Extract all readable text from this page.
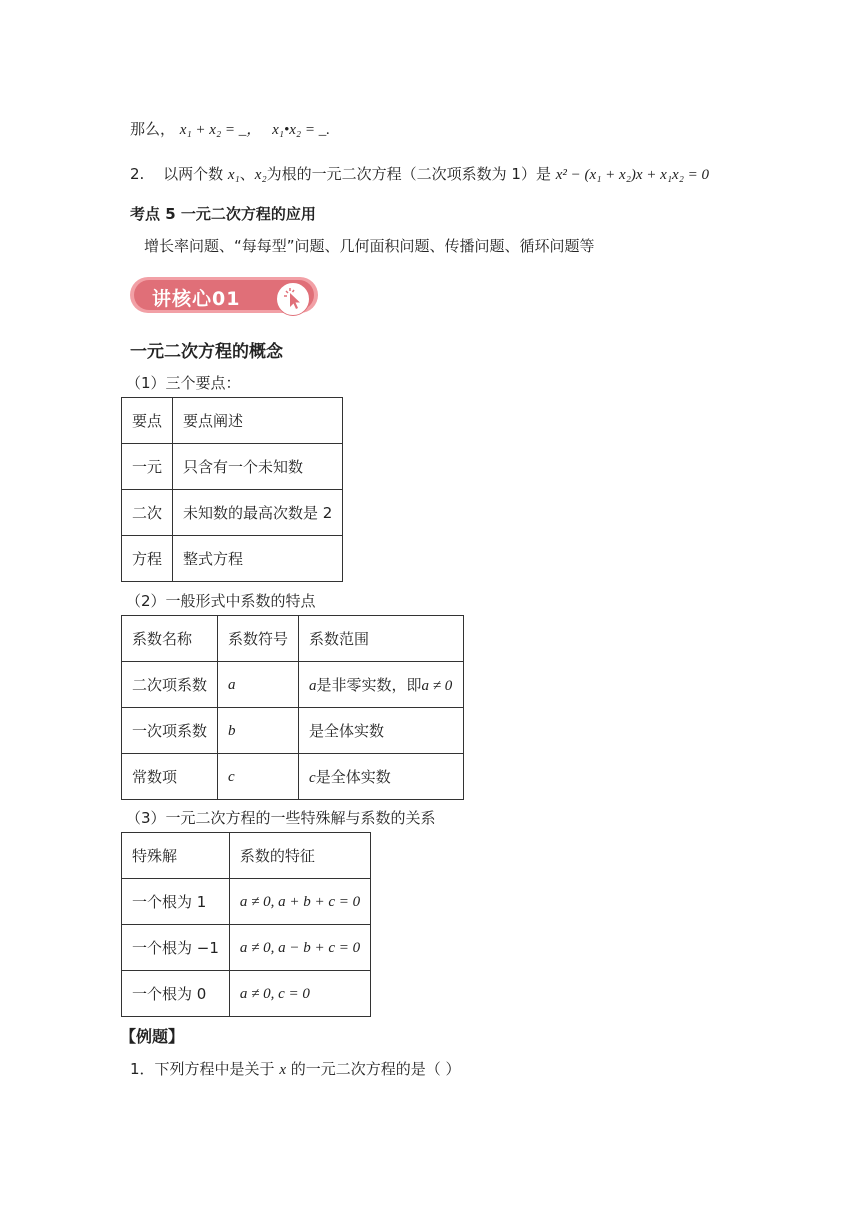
那么， x₁ + x₂ = _， x₁•x₂ = _.
2. 以两个数 x₁、x₂为根的一元二次方程（二次项系数为 1）是 x² − (x₁ + x₂)x + x₁x₂ = 0
考点 5 一元二次方程的应用
增长率问题、“每每型”问题、几何面积问题、传播问题、循环问题等
讲核心01
一元二次方程的概念
（1）三个要点：
要点	要点阐述
一元	只含有一个未知数
二次	未知数的最高次数是 2
方程	整式方程
（2）一般形式中系数的特点
系数名称	系数符号	系数范围
二次项系数	a	a是非零实数，即a ≠ 0
一次项系数	b	是全体实数
常数项	c	c是全体实数
（3）一元二次方程的一些特殊解与系数的关系
特殊解	系数的特征
一个根为 1	a ≠ 0, a + b + c = 0
一个根为 −1	a ≠ 0, a − b + c = 0
一个根为 0	a ≠ 0, c = 0
【例题】
1．下列方程中是关于 x 的一元二次方程的是（ ）
